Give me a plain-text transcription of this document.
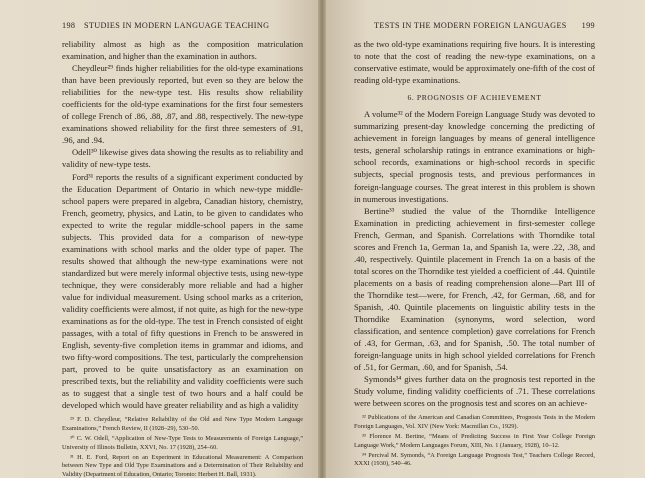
198 STUDIES IN MODERN LANGUAGE TEACHING

reliability almost as high as the composition matriculation examination, and higher than the examination in authors.

Cheydleur²⁹ finds higher reliabilities for the old-type examinations than have been previously reported, but even so they are below the reliabilities for the new-type test. His results show reliability coefficients for the old-type examinations for the first four semesters of college French of .86, .88, .87, and .88, respectively. The new-type examinations showed reliability for the first three semesters of .91, .96, and .94.

Odell³⁰ likewise gives data showing the results as to reliability and validity of new-type tests.

Ford³¹ reports the results of a significant experiment conducted by the Education Department of Ontario in which new-type middle-school papers were prepared in algebra, Canadian history, chemistry, French, geometry, physics, and Latin, to be given to candidates who expected to write the regular middle-school papers in the same subjects. This provided data for a comparison of new-type examinations with school marks and the older type of paper. The results showed that although the new-type examinations were not standardized but were merely informal objective tests, using new-type technique, they were considerably more reliable and had a higher value for individual measurement. Using school marks as a criterion, validity coefficients were almost, if not quite, as high for the new-type examinations as for the old-type. The test in French consisted of eight passages, with a total of fifty questions in French to be answered in English, seventy-five completion items in grammar and idioms, and two fifty-word compositions. The test, particularly the comprehension part, proved to be quite unsatisfactory as an examination on prescribed texts, but the reliability and validity coefficients were such as to suggest that a single test of two hours and a half could be developed which would have greater reliability and as high a validity

²⁹ F. D. Cheydleur, “Relative Reliability of the Old and New Type Modern Language Examinations,” French Review, II (1928–29), 530–50.

³⁰ C. W. Odell, “Application of New-Type Tests to Measurements of Foreign Language,” University of Illinois Bulletin, XXVI, No. 17 (1928), 254–60.

³¹ H. E. Ford, Report on an Experiment in Educational Measurement: A Comparison between New Type and Old Type Examinations and a Determination of Their Reliability and Validity (Department of Education, Ontario; Toronto: Herbert H. Ball, 1931).

TESTS IN THE MODERN FOREIGN LANGUAGES 199

as the two old-type examinations requiring five hours. It is interesting to note that the cost of reading the new-type examinations, on a conservative estimate, would be approximately one-fifth of the cost of reading old-type examinations.

6. PROGNOSIS OF ACHIEVEMENT

A volume³² of the Modern Foreign Language Study was devoted to summarizing present-day knowledge concerning the predicting of achievement in foreign languages by means of general intelligence tests, general scholarship ratings in entrance examinations or high-school records, examinations or high-school records in specific subjects, special prognosis tests, and previous performances in foreign-language courses. The great interest in this problem is shown in numerous investigations.

Bertine³³ studied the value of the Thorndike Intelligence Examination in predicting achievement in first-semester college French, German, and Spanish. Correlations with Thorndike total scores and French 1a, German 1a, and Spanish 1a, were .22, .38, and .40, respectively. Quintile placement in French 1a on a basis of the total scores on the Thorndike test yielded a coefficient of .44. Quintile placements on a basis of reading comprehension alone—Part III of the Thorndike test—were, for French, .42, for German, .68, and for Spanish, .40. Quintile placements on linguistic ability tests in the Thorndike Examination (synonyms, word selection, word classification, and sentence completion) gave correlations for French of .43, for German, .63, and for Spanish, .50. The total number of foreign-language units in high school yielded correlations for French of .51, for German, .60, and for Spanish, .54.

Symonds³⁴ gives further data on the prognosis test reported in the Study volume, finding validity coefficients of .71. These correlations were between scores on the prognosis test and scores on an achieve-

³² Publications of the American and Canadian Committees, Prognosis Tests in the Modern Foreign Languages, Vol. XIV (New York: Macmillan Co., 1929).

³³ Florence M. Bertine, “Means of Predicting Success in First Year College Foreign Language Work,” Modern Languages Forum, XIII, No. 1 (January, 1928), 10–12.

³⁴ Percival M. Symonds, “A Foreign Language Prognosis Test,” Teachers College Record, XXXI (1930), 540–46.
